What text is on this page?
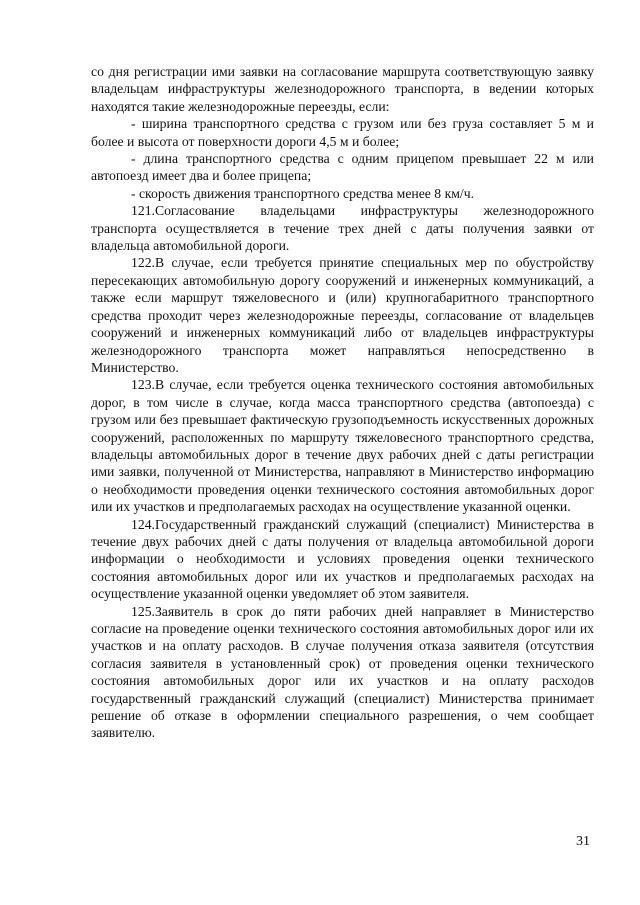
со дня регистрации ими заявки на согласование маршрута соответствующую заявку владельцам инфраструктуры железнодорожного транспорта, в ведении которых находятся такие железнодорожные переезды, если:

- ширина транспортного средства с грузом или без груза составляет 5 м и более и высота от поверхности дороги 4,5 м и более;

- длина транспортного средства с одним прицепом превышает 22 м или автопоезд имеет два и более прицепа;

- скорость движения транспортного средства менее 8 км/ч.

121.Согласование владельцами инфраструктуры железнодорожного транспорта осуществляется в течение трех дней с даты получения заявки от владельца автомобильной дороги.

122.В случае, если требуется принятие специальных мер по обустройству пересекающих автомобильную дорогу сооружений и инженерных коммуникаций, а также если маршрут тяжеловесного и (или) крупногабаритного транспортного средства проходит через железнодорожные переезды, согласование от владельцев сооружений и инженерных коммуникаций либо от владельцев инфраструктуры железнодорожного транспорта может направляться непосредственно в Министерство.

123.В случае, если требуется оценка технического состояния автомобильных дорог, в том числе в случае, когда масса транспортного средства (автопоезда) с грузом или без превышает фактическую грузоподъемность искусственных дорожных сооружений, расположенных по маршруту тяжеловесного транспортного средства, владельцы автомобильных дорог в течение двух рабочих дней с даты регистрации ими заявки, полученной от Министерства, направляют в Министерство информацию о необходимости проведения оценки технического состояния автомобильных дорог или их участков и предполагаемых расходах на осуществление указанной оценки.

124.Государственный гражданский служащий (специалист) Министерства в течение двух рабочих дней с даты получения от владельца автомобильной дороги информации о необходимости и условиях проведения оценки технического состояния автомобильных дорог или их участков и предполагаемых расходах на осуществление указанной оценки уведомляет об этом заявителя.

125.Заявитель в срок до пяти рабочих дней направляет в Министерство согласие на проведение оценки технического состояния автомобильных дорог или их участков и на оплату расходов. В случае получения отказа заявителя (отсутствия согласия заявителя в установленный срок) от проведения оценки технического состояния автомобильных дорог или их участков и на оплату расходов государственный гражданский служащий (специалист) Министерства принимает решение об отказе в оформлении специального разрешения, о чем сообщает заявителю.

31
